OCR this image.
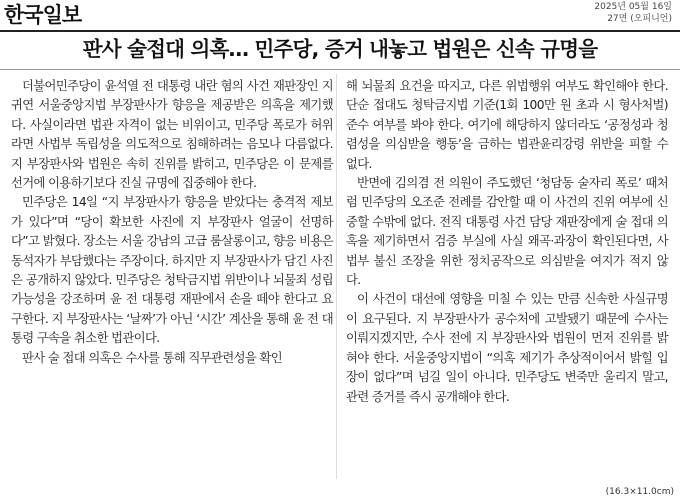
한국일보	2025년 05월 16일
27면 (오피니언)
판사 술접대 의혹… 민주당, 증거 내놓고 법원은 신속 규명을

더불어민주당이 윤석열 전 대통령 내란 혐의 사건 재판장인 지귀연 서울중앙지법 부장판사가 향응을 제공받은 의혹을 제기했다. 사실이라면 법관 자격이 없는 비위이고, 민주당 폭로가 허위라면 사법부 독립성을 의도적으로 침해하려는 음모나 다름없다. 지 부장판사와 법원은 속히 진위를 밝히고, 민주당은 이 문제를 선거에 이용하기보다 진실 규명에 집중해야 한다.

민주당은 14일 “지 부장판사가 향응을 받았다는 충격적 제보가 있다”며 “당이 확보한 사진에 지 부장판사 얼굴이 선명하다”고 밝혔다. 장소는 서울 강남의 고급 룸살롱이고, 향응 비용은 동석자가 부담했다는 주장이다. 하지만 지 부장판사가 담긴 사진은 공개하지 않았다. 민주당은 청탁금지법 위반이나 뇌물죄 성립 가능성을 강조하며 윤 전 대통령 재판에서 손을 떼야 한다고 요구한다. 지 부장판사는 ‘날짜’가 아닌 ‘시간’ 계산을 통해 윤 전 대통령 구속을 취소한 법관이다.

판사 술 접대 의혹은 수사를 통해 직무관련성을 확인

해 뇌물죄 요건을 따지고, 다른 위법행위 여부도 확인해야 한다. 단순 접대도 청탁금지법 기준(1회 100만 원 초과 시 형사처벌) 준수 여부를 봐야 한다. 여기에 해당하지 않더라도 ‘공정성과 청렴성을 의심받을 행동’을 금하는 법관윤리강령 위반을 피할 수 없다.

반면에 김의겸 전 의원이 주도했던 ‘청담동 술자리 폭로’ 때처럼 민주당의 오조준 전례를 감안할 때 이 사건의 진위 여부에 신중할 수밖에 없다. 전직 대통령 사건 담당 재판장에게 술 접대 의혹을 제기하면서 검증 부실에 사실 왜곡·과장이 확인된다면, 사법부 불신 조장을 위한 정치공작으로 의심받을 여지가 적지 않다.

이 사건이 대선에 영향을 미칠 수 있는 만큼 신속한 사실규명이 요구된다. 지 부장판사가 공수처에 고발됐기 때문에 수사는 이뤄지겠지만, 수사 전에 지 부장판사와 법원이 먼저 진위를 밝혀야 한다. 서울중앙지법이 “의혹 제기가 추상적이어서 밝힐 입장이 없다”며 넘길 일이 아니다. 민주당도 변죽만 울리지 말고, 관련 증거를 즉시 공개해야 한다.

(16.3×11.0cm)
